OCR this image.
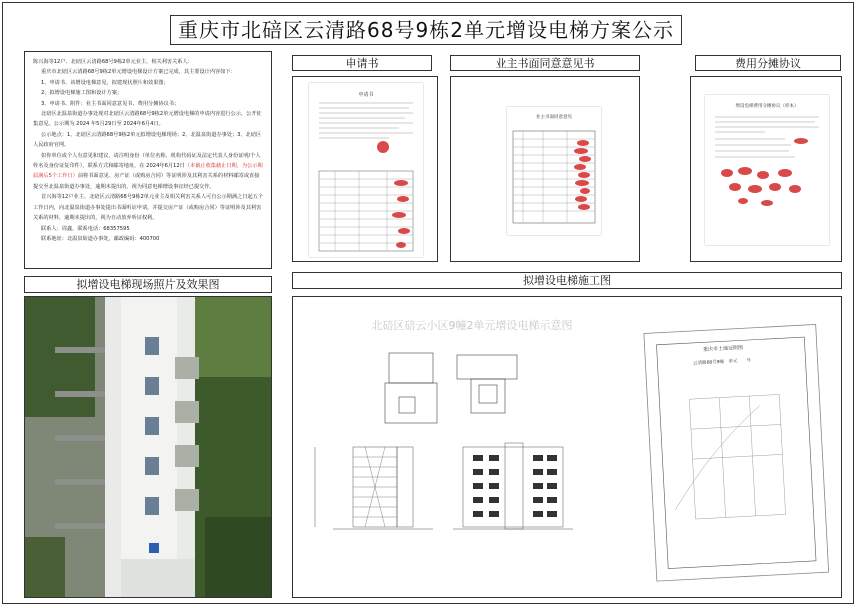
重庆市北碚区云清路68号9栋2单元增设电梯方案公示

陈兴海等12户、北碚区云清路68号9栋2单元业主、相关利害关系人：

重庆市北碚区云清路68号9栋2单元增设电梯设计方案已完成，其主要设计内容如下：

1、申请书、该增设电梯意见、拟建现状照片和效果图；

2、拟增设电梯施工图和设计方案；

3、申请书、附件：业主书面同意意见书、费用分摊协议书；

北碚区北温泉街道办事处现对北碚区云清路68号9栋2单元增设电梯的申请内容进行公示，公开征集意见。公示期为 2024 年5月29日至 2024年6月4日。

公示地点：1、北碚区云清路68号9栋2单元拟增设电梯现场；2、北温泉街道办事处；3、北碚区人民政府官网。

如你单位或个人有意见和建议，请注明身份（单位名称、机构代码证及法定代表人身份证明/个人姓名及身份证复印件），联系方式和邮寄地址，在 2024年6月12日（本截止收集截止日期，为公示期届满后5个工作日）前将书面意见、房产证（或购房合同）等证明涉及其利害关系的材料邮寄或直接提交至北温泉街道办事处，逾期未提出的，视为同意电梯增设事宜经已提交作。

首兴海等12户业主、北碚区云清路68号9栋2单元业主及相关利害关系人可自公示期满之日起五个工作日内，向北温泉街道办事处提出书面听证申请，并提交房产证（或购房合同）等证明涉及其利害关系的材料，逾期未提出的，视为自动放弃听证权利。

联系人：周鑫，联系电话：68357595

联系地址：北温泉街道办事处，邮政编码：400700

申请书	业主书面同意意见书	费用分摊协议
申请书
业主书面同意意见
增设电梯费用分摊协议（样本）
拟增设电梯现场照片及效果图	拟增设电梯施工图
北碚区碚云小区9幢2单元增设电梯示意图
重庆市土地证附图
云清路68号9幢　单元　　号
